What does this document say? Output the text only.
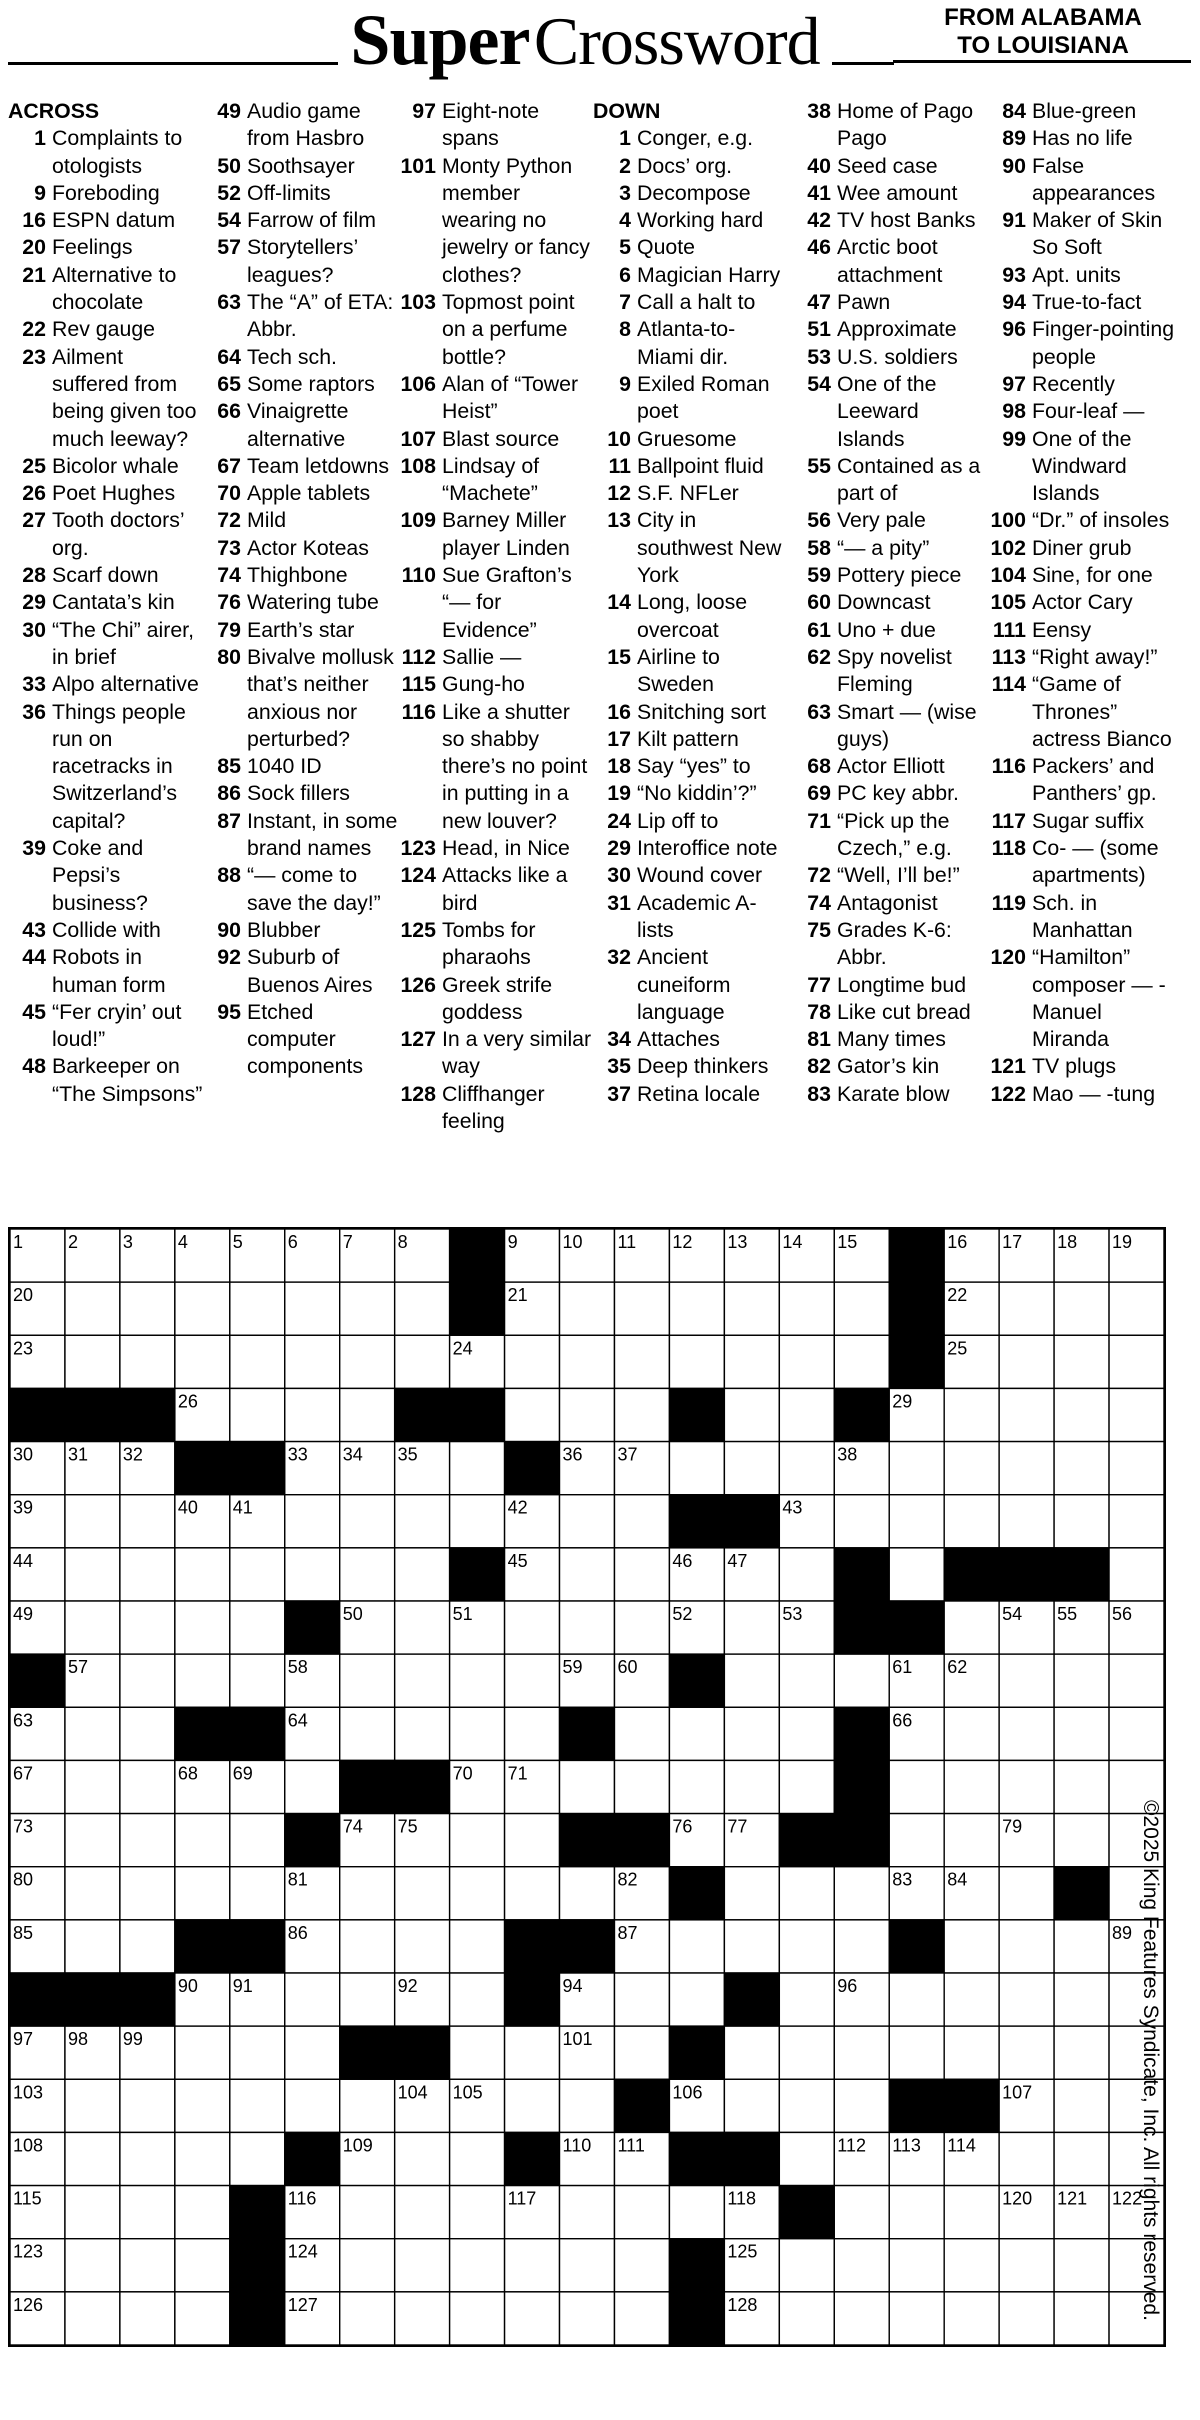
Super Crossword	FROM ALABAMA
TO LOUISIANA
ACROSS
1 Complaints to otologists
9 Foreboding
16 ESPN datum
20 Feelings
21 Alternative to chocolate
22 Rev gauge
23 Ailment suffered from being given too much leeway?
25 Bicolor whale
26 Poet Hughes
27 Tooth doctors’ org.
28 Scarf down
29 Cantata’s kin
30 “The Chi” airer, in brief
33 Alpo alternative
36 Things people run on racetracks in Switzerland’s capital?
39 Coke and Pepsi’s business?
43 Collide with
44 Robots in human form
45 “Fer cryin’ out loud!”
48 Barkeeper on “The Simpsons”
49 Audio game from Hasbro
50 Soothsayer
52 Off-limits
54 Farrow of film
57 Storytellers’ leagues?
63 The “A” of ETA: Abbr.
64 Tech sch.
65 Some raptors
66 Vinaigrette alternative
67 Team letdowns
70 Apple tablets
72 Mild
73 Actor Koteas
74 Thighbone
76 Watering tube
79 Earth’s star
80 Bivalve mollusk that’s neither anxious nor perturbed?
85 1040 ID
86 Sock fillers
87 Instant, in some brand names
88 “— come to save the day!”
90 Blubber
92 Suburb of Buenos Aires
95 Etched computer components
97 Eight-note spans
101 Monty Python member wearing no jewelry or fancy clothes?
103 Topmost point on a perfume bottle?
106 Alan of “Tower Heist”
107 Blast source
108 Lindsay of “Machete”
109 Barney Miller player Linden
110 Sue Grafton’s “— for Evidence”
112 Sallie —
115 Gung-ho
116 Like a shutter so shabby there’s no point in putting in a new louver?
123 Head, in Nice
124 Attacks like a bird
125 Tombs for pharaohs
126 Greek strife goddess
127 In a very similar way
128 Cliffhanger feeling
DOWN
1 Conger, e.g.
2 Docs’ org.
3 Decompose
4 Working hard
5 Quote
6 Magician Harry
7 Call a halt to
8 Atlanta-to-Miami dir.
9 Exiled Roman poet
10 Gruesome
11 Ballpoint fluid
12 S.F. NFLer
13 City in southwest New York
14 Long, loose overcoat
15 Airline to Sweden
16 Snitching sort
17 Kilt pattern
18 Say “yes” to
19 “No kiddin’?”
24 Lip off to
29 Interoffice note
30 Wound cover
31 Academic A-lists
32 Ancient cuneiform language
34 Attaches
35 Deep thinkers
37 Retina locale
38 Home of Pago Pago
40 Seed case
41 Wee amount
42 TV host Banks
46 Arctic boot attachment
47 Pawn
51 Approximate
53 U.S. soldiers
54 One of the Leeward Islands
55 Contained as a part of
56 Very pale
58 “— a pity”
59 Pottery piece
60 Downcast
61 Uno + due
62 Spy novelist Fleming
63 Smart — (wise guys)
68 Actor Elliott
69 PC key abbr.
71 “Pick up the Czech,” e.g.
72 “Well, I’ll be!”
74 Antagonist
75 Grades K-6: Abbr.
77 Longtime bud
78 Like cut bread
81 Many times
82 Gator’s kin
83 Karate blow
84 Blue-green
89 Has no life
90 False appearances
91 Maker of Skin So Soft
93 Apt. units
94 True-to-fact
96 Finger-pointing people
97 Recently
98 Four-leaf —
99 One of the Windward Islands
100 “Dr.” of insoles
102 Diner grub
104 Sine, for one
105 Actor Cary
111 Eensy
113 “Right away!”
114 “Game of Thrones” actress Bianco
116 Packers’ and Panthers’ gp.
117 Sugar suffix
118 Co- — (some apartments)
119 Sch. in Manhattan
120 “Hamilton” composer — -Manuel Miranda
121 TV plugs
122 Mao — -tung
1 2 3 4 5 6 7 8	9 10 11 12 13 14 15	16 17 18 19
20	21	22
23	24	25
26	29
30 31 32	33 34 35	36 37	38
39	40 41	42	43
44	45	46 47
49	50	51	52	53	54 55 56
57	58	59 60	61 62
63	64	66
67	68 69	70 71
73	74 75	76 77	79
80	81	82	83 84
85	86	87	89
90 91	92	94	96
97 98 99	101
103	104 105	106	107
108	109	110 111	112 113 114
115	116	117	118	120 121 122
123	124	125
126	127	128	©2025 King Features Syndicate, Inc. All rights reserved.
